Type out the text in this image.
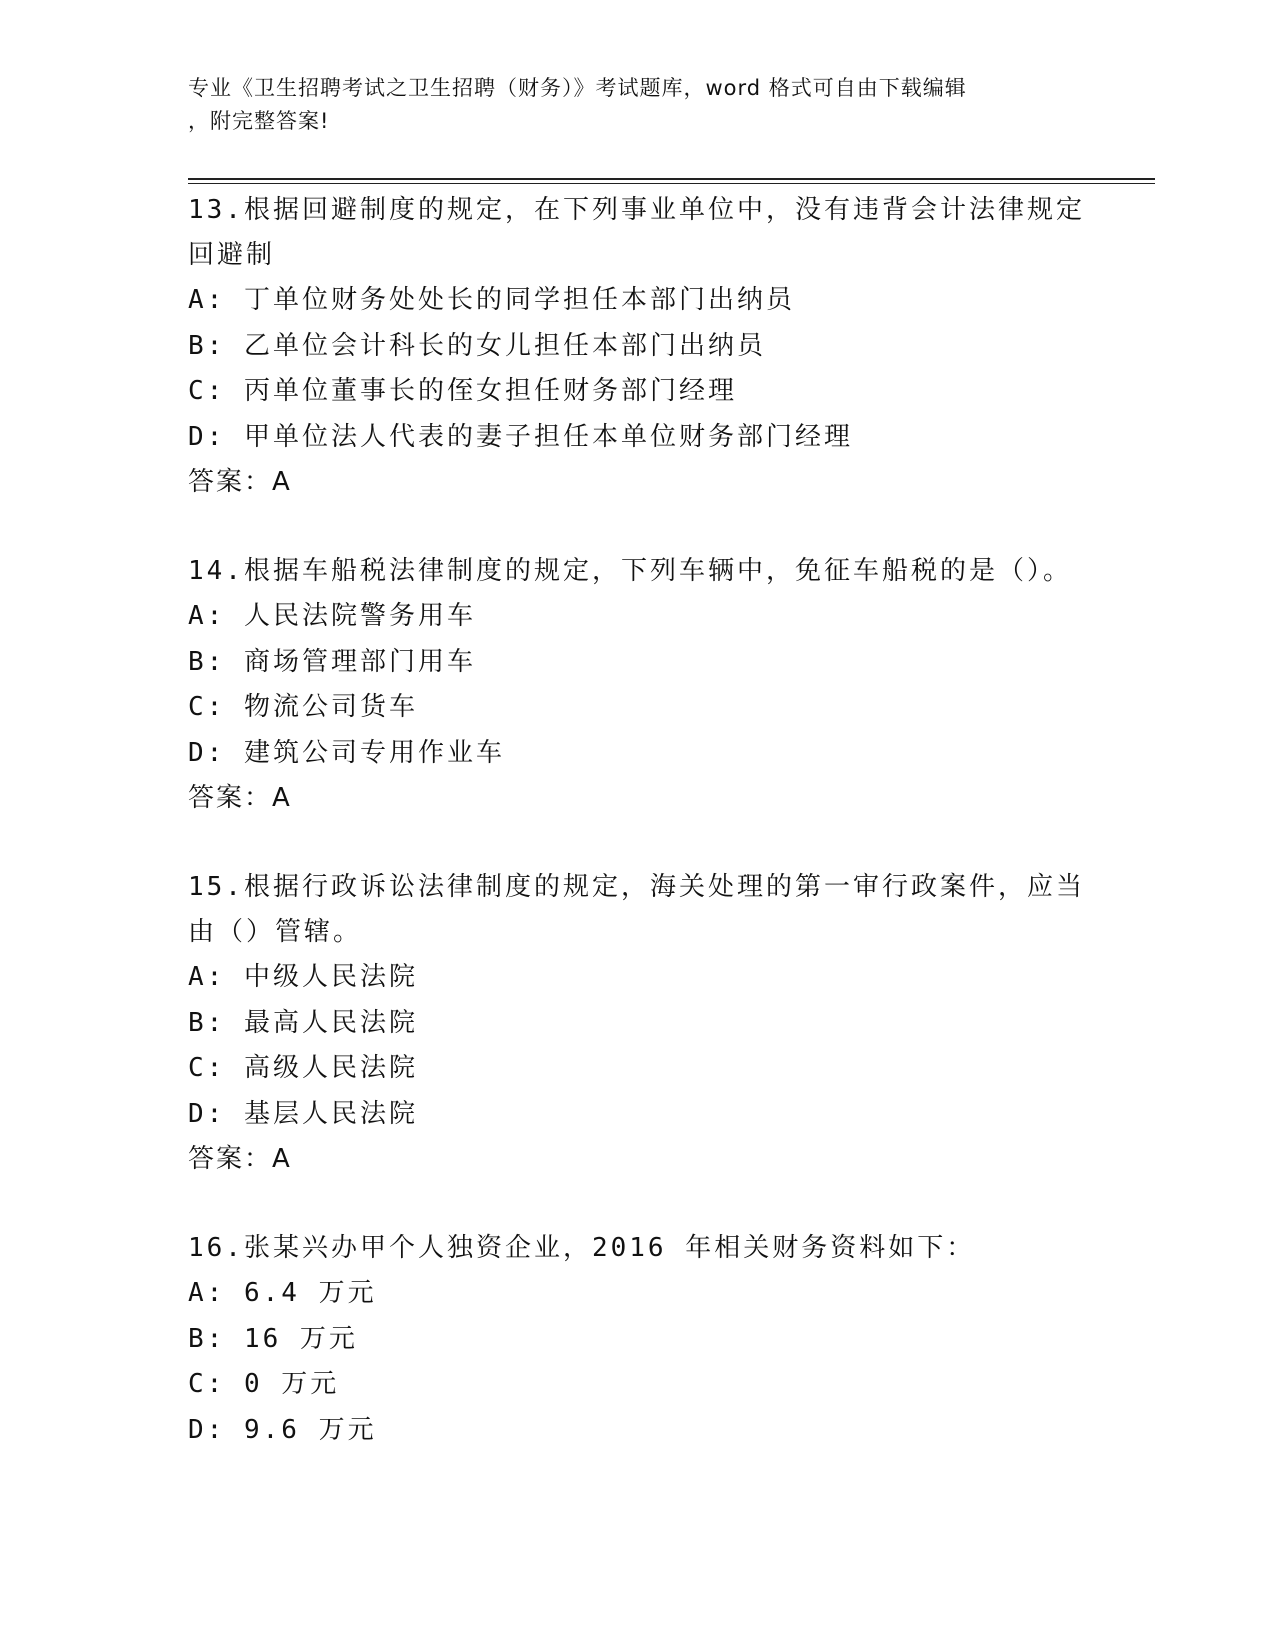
专业《卫生招聘考试之卫生招聘（财务）》考试题库，word 格式可自由下载编辑
，附完整答案!
13.根据回避制度的规定，在下列事业单位中，没有违背会计法律规定
回避制
A: 丁单位财务处处长的同学担任本部门出纳员
B: 乙单位会计科长的女儿担任本部门出纳员
C: 丙单位董事长的侄女担任财务部门经理
D: 甲单位法人代表的妻子担任本单位财务部门经理
答案：A
14.根据车船税法律制度的规定，下列车辆中，免征车船税的是（）。
A: 人民法院警务用车
B: 商场管理部门用车
C: 物流公司货车
D: 建筑公司专用作业车
答案：A
15.根据行政诉讼法律制度的规定，海关处理的第一审行政案件，应当
由（）管辖。
A: 中级人民法院
B: 最高人民法院
C: 高级人民法院
D: 基层人民法院
答案：A
16.张某兴办甲个人独资企业，2016 年相关财务资料如下：
A: 6.4 万元
B: 16 万元
C: 0 万元
D: 9.6 万元
